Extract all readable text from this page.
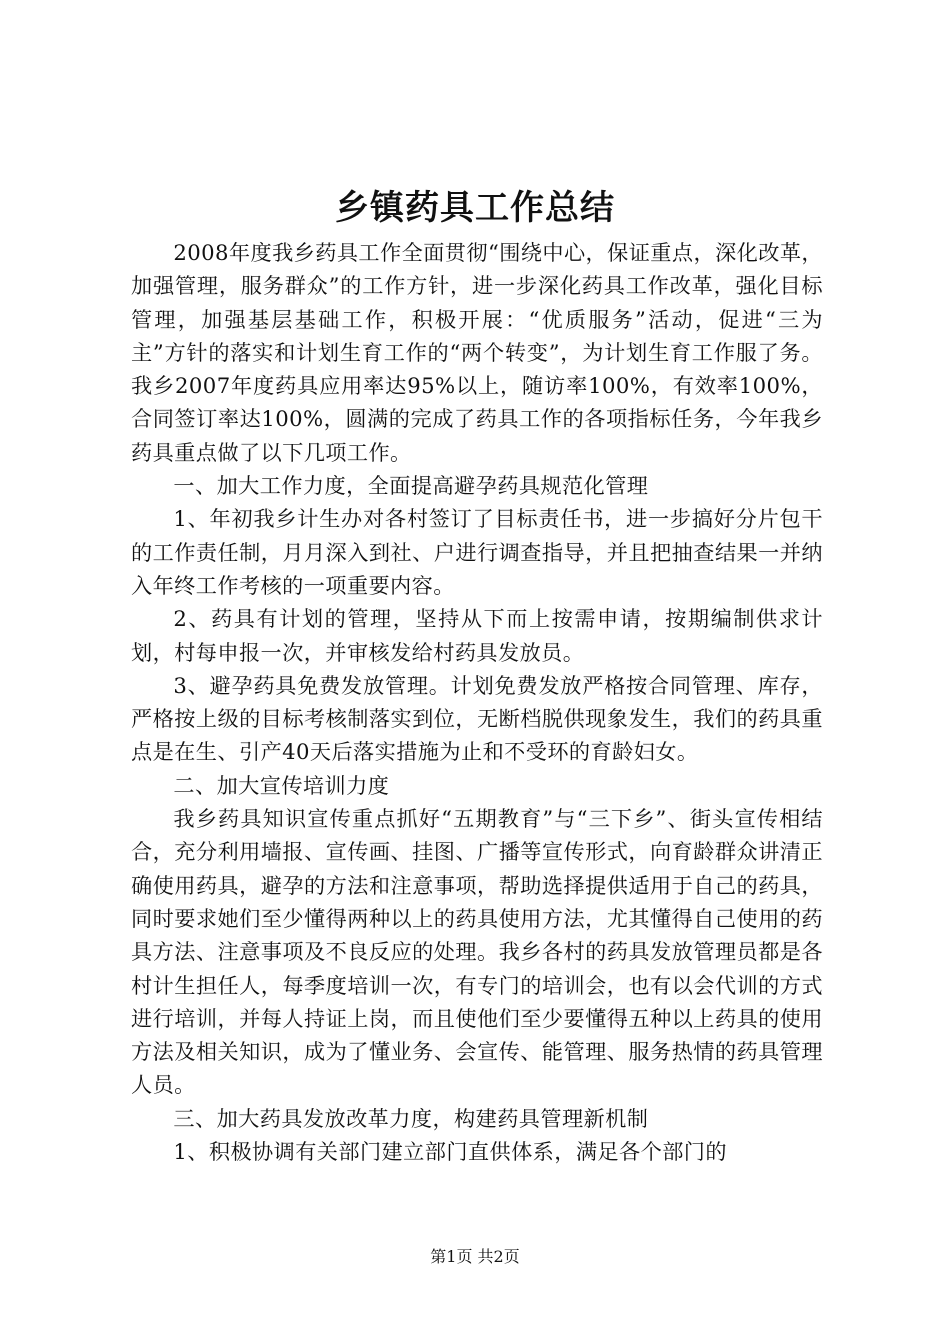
乡镇药具工作总结

2008年度我乡药具工作全面贯彻“围绕中心，保证重点，深化改革，加强管理，服务群众”的工作方针，进一步深化药具工作改革，强化目标管理，加强基层基础工作，积极开展：“优质服务”活动，促进“三为主”方针的落实和计划生育工作的“两个转变”，为计划生育工作服了务。我乡2007年度药具应用率达95%以上，随访率100%，有效率100%，合同签订率达100%，圆满的完成了药具工作的各项指标任务，今年我乡药具重点做了以下几项工作。

一、加大工作力度，全面提高避孕药具规范化管理

1、年初我乡计生办对各村签订了目标责任书，进一步搞好分片包干的工作责任制，月月深入到社、户进行调查指导，并且把抽查结果一并纳入年终工作考核的一项重要内容。

2、药具有计划的管理，坚持从下而上按需申请，按期编制供求计划，村每申报一次，并审核发给村药具发放员。

3、避孕药具免费发放管理。计划免费发放严格按合同管理、库存，严格按上级的目标考核制落实到位，无断档脱供现象发生，我们的药具重点是在生、引产40天后落实措施为止和不受环的育龄妇女。

二、加大宣传培训力度

我乡药具知识宣传重点抓好“五期教育”与“三下乡”、街头宣传相结合，充分利用墙报、宣传画、挂图、广播等宣传形式，向育龄群众讲清正确使用药具，避孕的方法和注意事项，帮助选择提供适用于自己的药具，同时要求她们至少懂得两种以上的药具使用方法，尤其懂得自己使用的药具方法、注意事项及不良反应的处理。我乡各村的药具发放管理员都是各村计生担任人，每季度培训一次，有专门的培训会，也有以会代训的方式进行培训，并每人持证上岗，而且使他们至少要懂得五种以上药具的使用方法及相关知识，成为了懂业务、会宣传、能管理、服务热情的药具管理人员。

三、加大药具发放改革力度，构建药具管理新机制

1、积极协调有关部门建立部门直供体系，满足各个部门的

第1页 共2页
